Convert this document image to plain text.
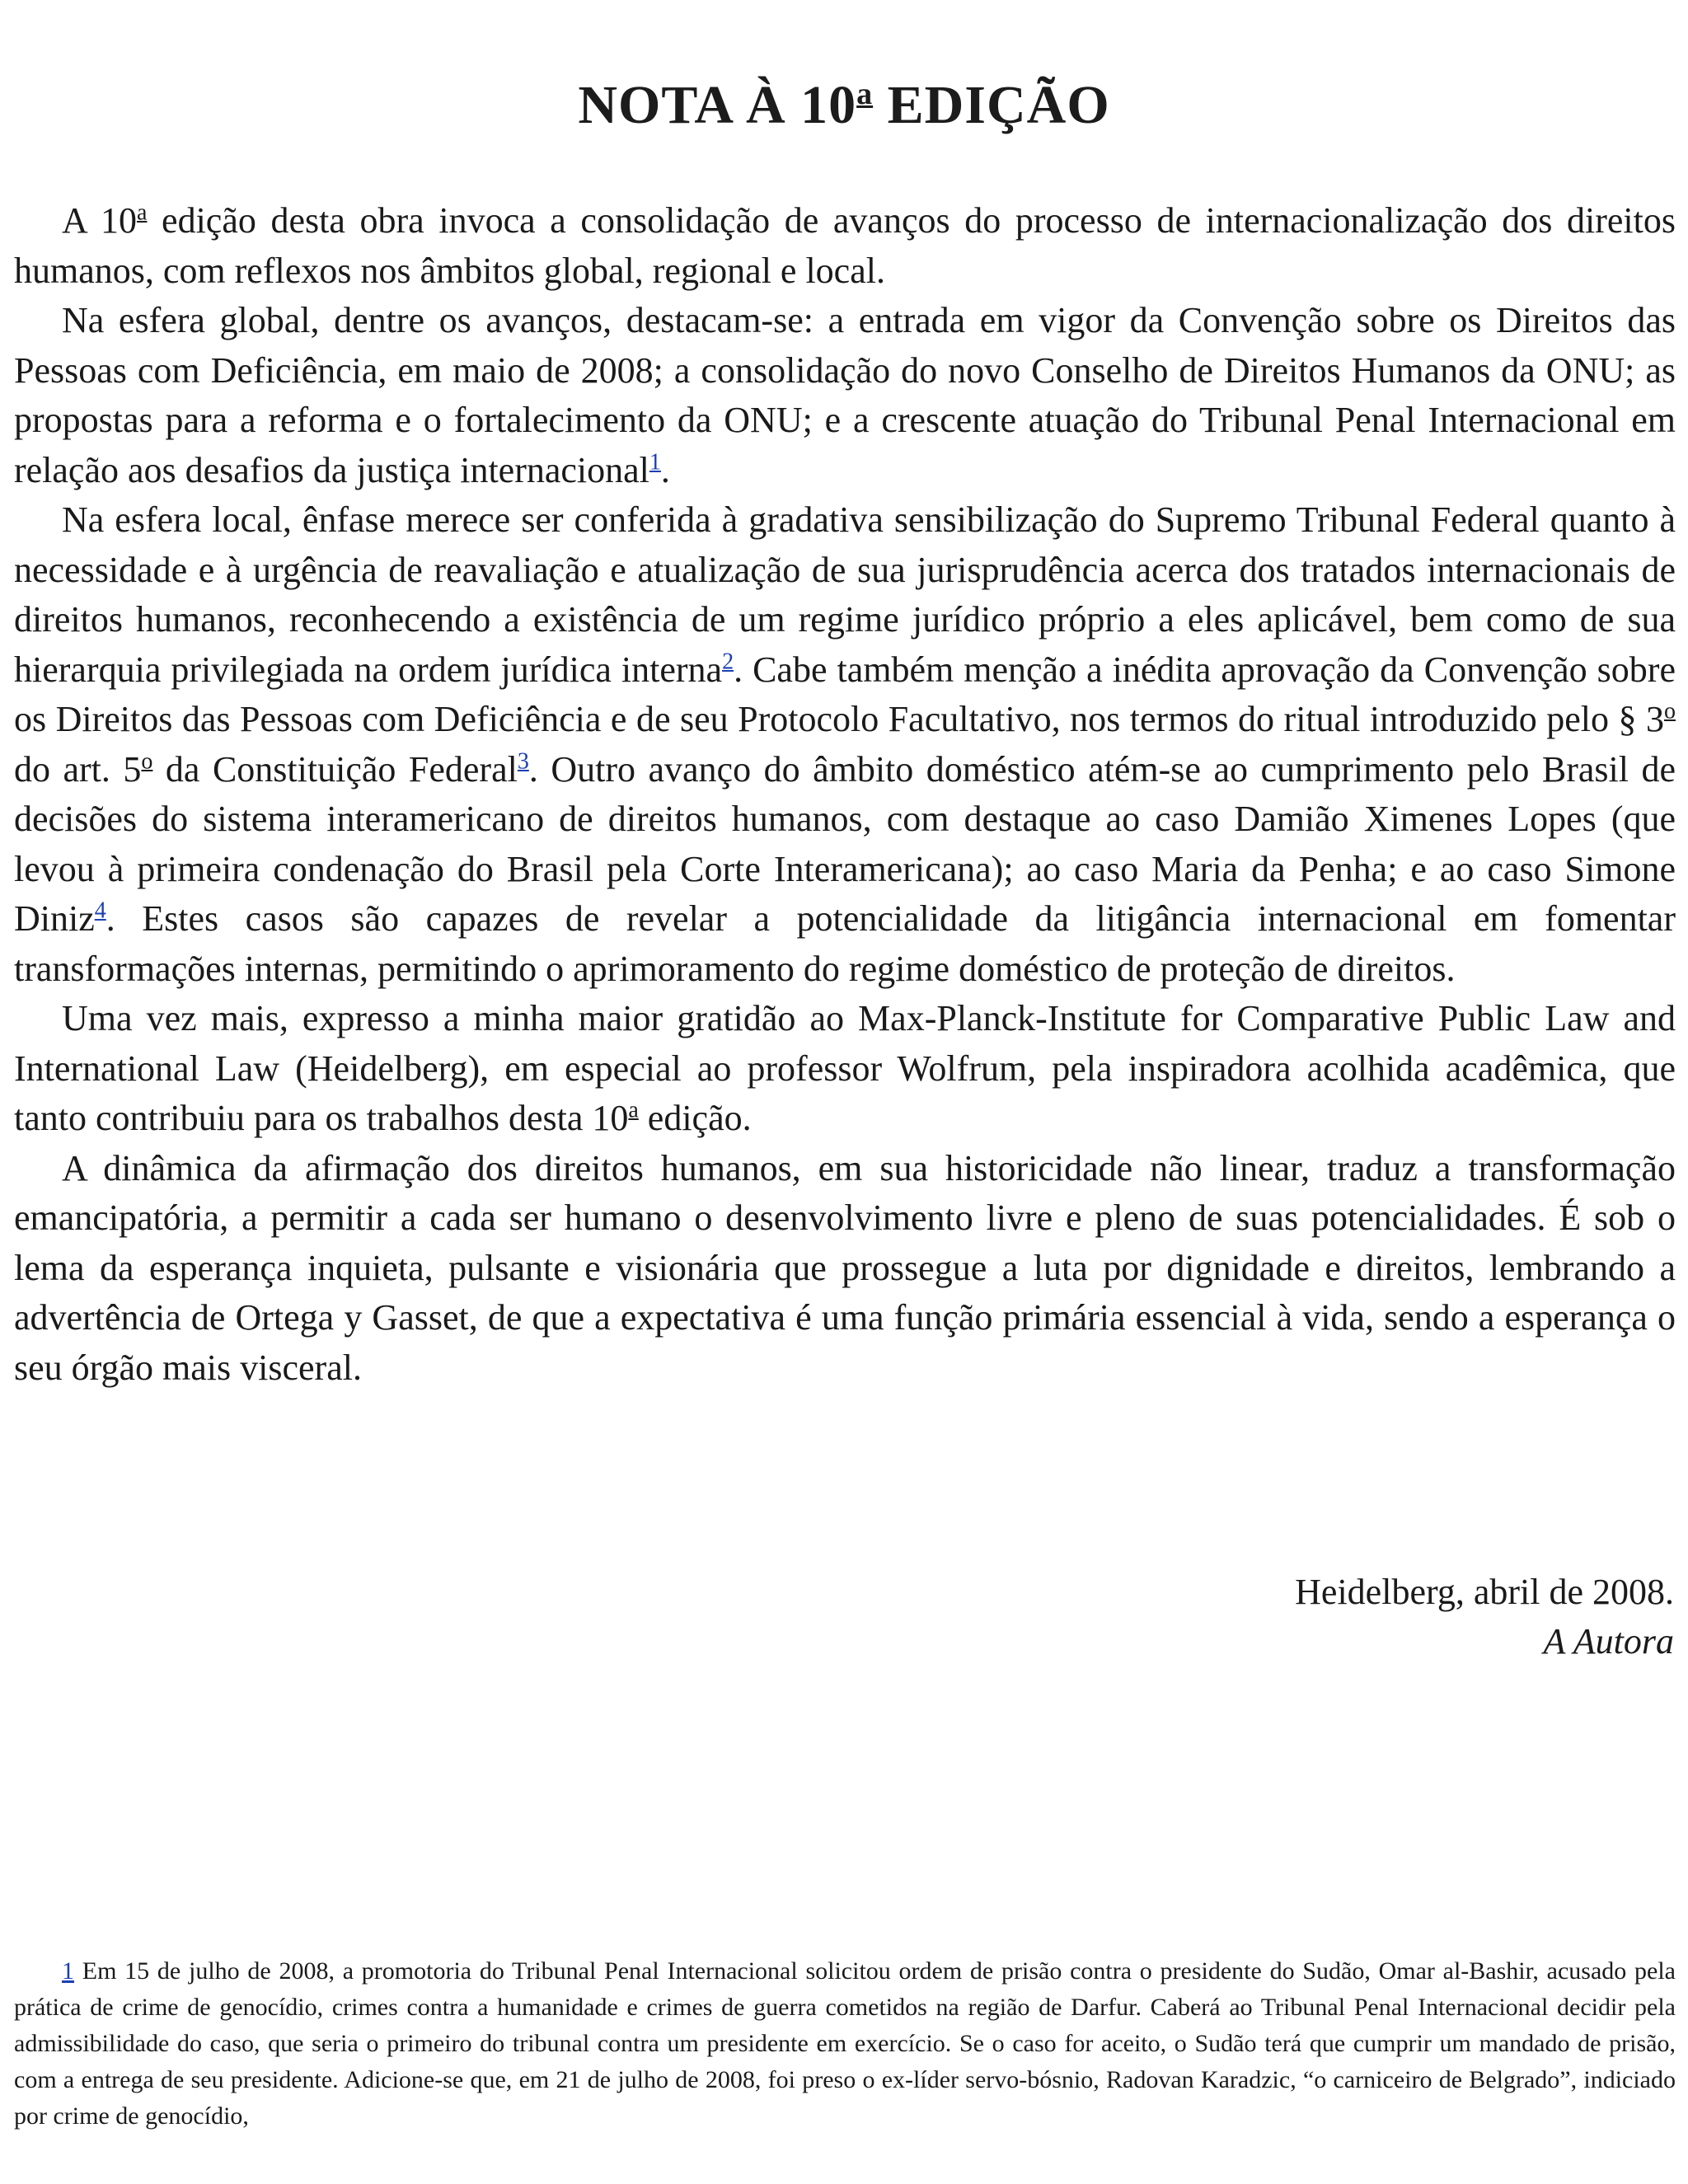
NOTA À 10$^a$ EDIÇÃO

A 10$^a$ edição desta obra invoca a consolidação de avanços do processo de internacionalização dos direitos humanos, com reflexos nos âmbitos global, regional e local.

Na esfera global, dentre os avanços, destacam-se: a entrada em vigor da Convenção sobre os Direitos das Pessoas com Deficiência, em maio de 2008; a consolidação do novo Conselho de Direitos Humanos da ONU; as propostas para a reforma e o fortalecimento da ONU; e a crescente atuação do Tribunal Penal Internacional em relação aos desafios da justiça internacional$^1$.

Na esfera local, ênfase merece ser conferida à gradativa sensibilização do Supremo Tribunal Federal quanto à necessidade e à urgência de reavaliação e atualização de sua jurisprudência acerca dos tratados internacionais de direitos humanos, reconhecendo a existência de um regime jurídico próprio a eles aplicável, bem como de sua hierarquia privilegiada na ordem jurídica interna$^2$. Cabe também menção a inédita aprovação da Convenção sobre os Direitos das Pessoas com Deficiência e de seu Protocolo Facultativo, nos termos do ritual introduzido pelo § 3$^o$ do art. 5$^o$ da Constituição Federal$^3$. Outro avanço do âmbito doméstico atém-se ao cumprimento pelo Brasil de decisões do sistema interamericano de direitos humanos, com destaque ao caso Damião Ximenes Lopes (que levou à primeira condenação do Brasil pela Corte Interamericana); ao caso Maria da Penha; e ao caso Simone Diniz$^4$. Estes casos são capazes de revelar a potencialidade da litigância internacional em fomentar transformações internas, permitindo o aprimoramento do regime doméstico de proteção de direitos.

Uma vez mais, expresso a minha maior gratidão ao Max-Planck-Institute for Comparative Public Law and International Law (Heidelberg), em especial ao professor Wolfrum, pela inspiradora acolhida acadêmica, que tanto contribuiu para os trabalhos desta 10$^a$ edição.

A dinâmica da afirmação dos direitos humanos, em sua historicidade não linear, traduz a transformação emancipatória, a permitir a cada ser humano o desenvolvimento livre e pleno de suas potencialidades. É sob o lema da esperança inquieta, pulsante e visionária que prossegue a luta por dignidade e direitos, lembrando a advertência de Ortega y Gasset, de que a expectativa é uma função primária essencial à vida, sendo a esperança o seu órgão mais visceral.

Heidelberg, abril de 2008.
A Autora

1 Em 15 de julho de 2008, a promotoria do Tribunal Penal Internacional solicitou ordem de prisão contra o presidente do Sudão, Omar al-Bashir, acusado pela prática de crime de genocídio, crimes contra a humanidade e crimes de guerra cometidos na região de Darfur. Caberá ao Tribunal Penal Internacional decidir pela admissibilidade do caso, que seria o primeiro do tribunal contra um presidente em exercício. Se o caso for aceito, o Sudão terá que cumprir um mandado de prisão, com a entrega de seu presidente. Adicione-se que, em 21 de julho de 2008, foi preso o ex-líder servo-bósnio, Radovan Karadzic, “o carniceiro de Belgrado”, indiciado por crime de genocídio,
